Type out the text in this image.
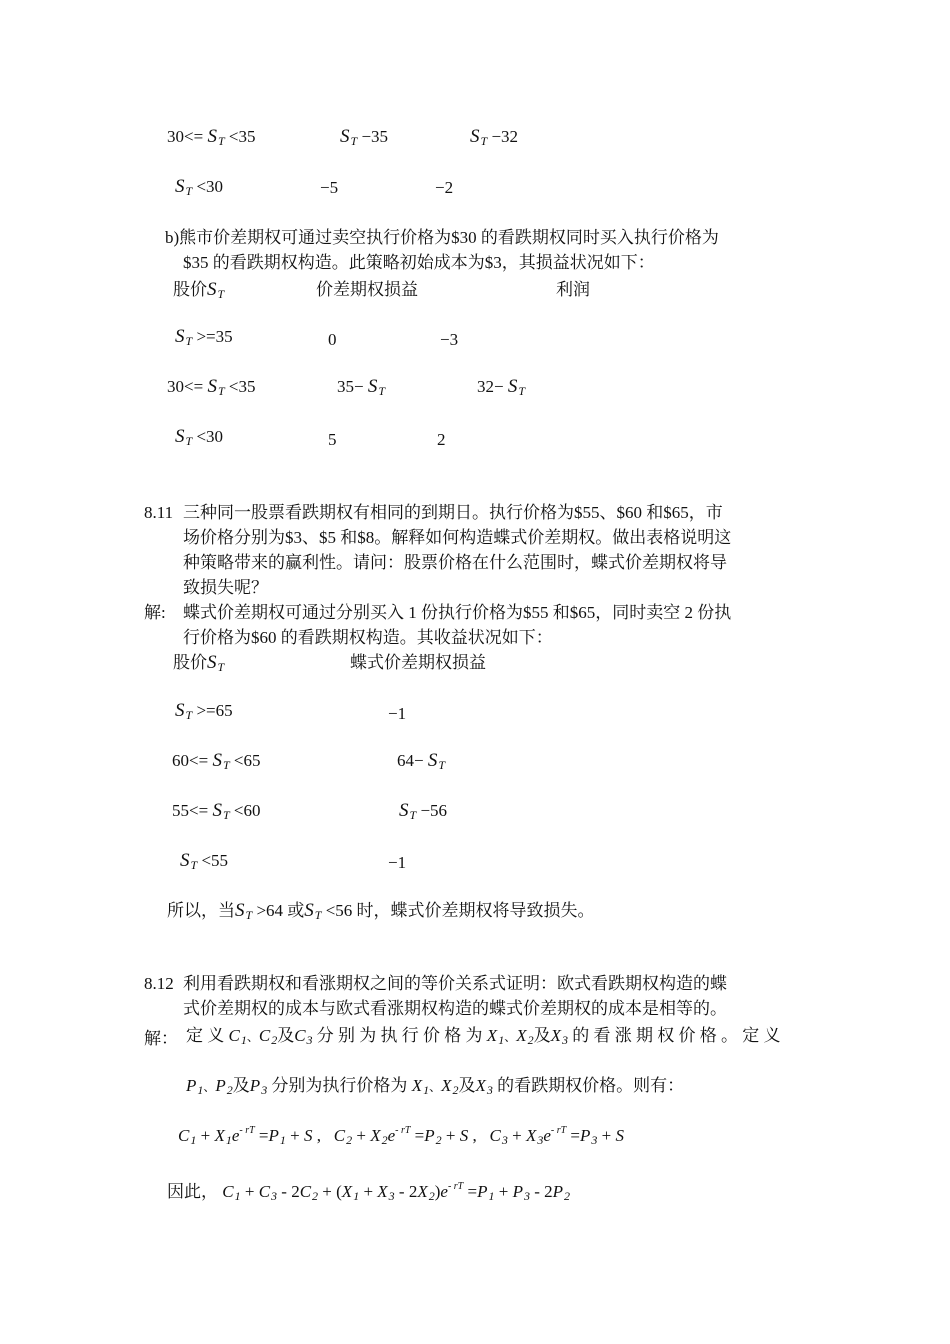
$30<= S_T <35$	$S_T -35$	$S_T -32$
$S_T <30$	−5	−2
b)熊市价差期权可通过卖空执行价格为$30 的看跌期权同时买入执行价格为
$35 的看跌期权构造。此策略初始成本为$3，其损益状况如下：
股价$S_T$	价差期权损益	利润
$S_T >=35$	0	−3
$30<= S_T <35$	$35- S_T$	$32- S_T$
$S_T <30$	5	2
8.11 三种同一股票看跌期权有相同的到期日。执行价格为$55、$60 和$65，市
场价格分别为$3、$5 和$8。解释如何构造蝶式价差期权。做出表格说明这
种策略带来的赢利性。请问：股票价格在什么范围时，蝶式价差期权将导
致损失呢？
解: 蝶式价差期权可通过分别买入 1 份执行价格为$55 和$65，同时卖空 2 份执
行价格为$60 的看跌期权构造。其收益状况如下：
股价$S_T$	蝶式价差期权损益
$S_T >=65$	−1
$60<= S_T <65$	$64- S_T$
$55<= S_T <60$	$S_T -56$
$S_T <55$	−1
所以，当$S_T >64$ 或$S_T <56$ 时，蝶式价差期权将导致损失。
8.12 利用看跌期权和看涨期权之间的等价关系式证明：欧式看跌期权构造的蝶
式价差期权的成本与欧式看涨期权构造的蝶式价差期权的成本是相等的。
解： 定 义 $C_1$、$C_2$及$C_3$ 分 别 为 执 行 价 格 为 $X_1$、$X_2$及$X_3$ 的 看 涨 期 权 价 格 。 定 义
$P_1$、$P_2$及$P_3$ 分别为执行价格为 $X_1$、$X_2$及$X_3$ 的看跌期权价格。则有：
$C_1 + X_1e^{- rT} =P_1 + S$ ,   $C_2 + X_2e^{- rT} =P_2 + S$ ,   $C_3 + X_3e^{- rT} =P_3 + S$
因此， $C_1 + C_3 - 2C_2 + (X_1 + X_3 - 2X_2)e^{- rT} =P_1 + P_3 - 2P_2$
